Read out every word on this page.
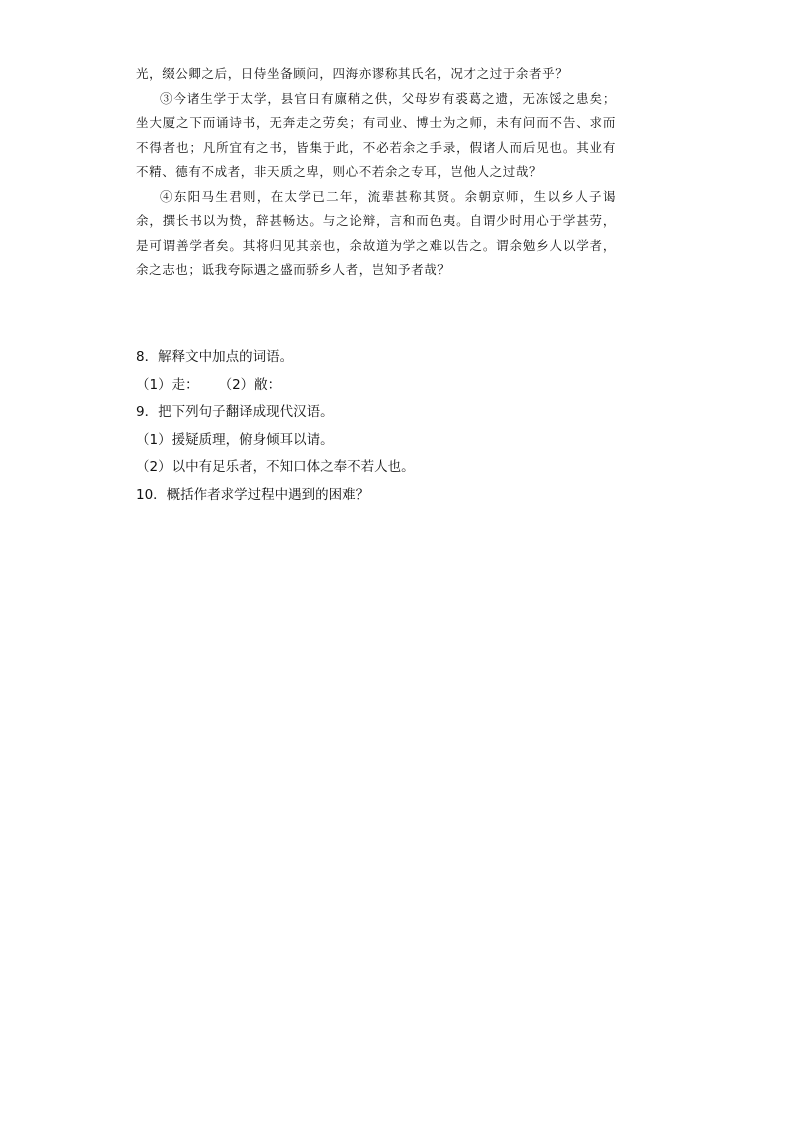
光，缀公卿之后，日侍坐备顾问，四海亦谬称其氏名，况才之过于余者乎？

③今诸生学于太学，县官日有廪稍之供，父母岁有裘葛之遗，无冻馁之患矣；坐大厦之下而诵诗书，无奔走之劳矣；有司业、博士为之师，未有问而不告、求而不得者也；凡所宜有之书，皆集于此，不必若余之手录，假诸人而后见也。其业有不精、德有不成者，非天质之卑，则心不若余之专耳，岂他人之过哉？

④东阳马生君则，在太学已二年，流辈甚称其贤。余朝京师，生以乡人子谒余，撰长书以为贽，辞甚畅达。与之论辩，言和而色夷。自谓少时用心于学甚劳，是可谓善学者矣。其将归见其亲也，余故道为学之难以告之。谓余勉乡人以学者，余之志也；诋我夸际遇之盛而骄乡人者，岂知予者哉？

8．解释文中加点的词语。
（1）走： （2）敝：
9．把下列句子翻译成现代汉语。
（1）援疑质理，俯身倾耳以请。
（2）以中有足乐者，不知口体之奉不若人也。
10．概括作者求学过程中遇到的困难？
